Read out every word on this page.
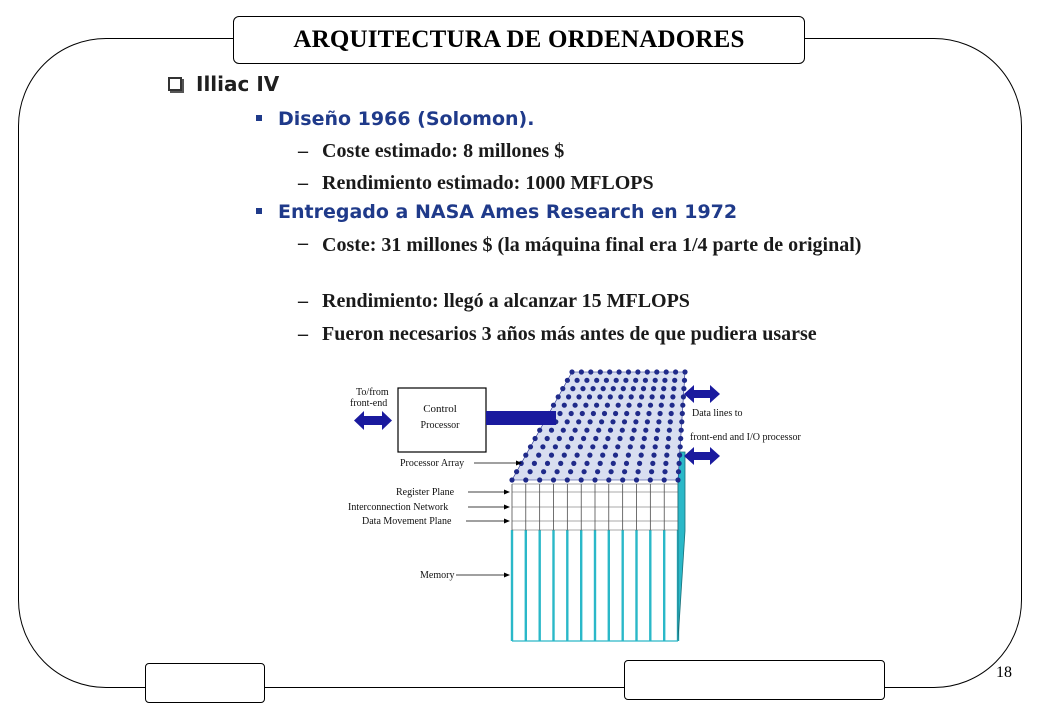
ARQUITECTURA DE ORDENADORES
18
Illiac IV
Diseño 1966 (Solomon).
– Coste estimado: 8 millones $
– Rendimiento estimado: 1000 MFLOPS
Entregado a NASA Ames Research en 1972
– Coste: 31 millones $ (la máquina final era 1/4 parte de original)
– Rendimiento: llegó a alcanzar 15 MFLOPS
– Fueron necesarios 3 años más antes de que pudiera usarse
Control
Processor
To/from
front-end
Data lines to
front-end and I/O processor
Processor Array
Register Plane
Interconnection Network
Data Movement Plane
Memory
